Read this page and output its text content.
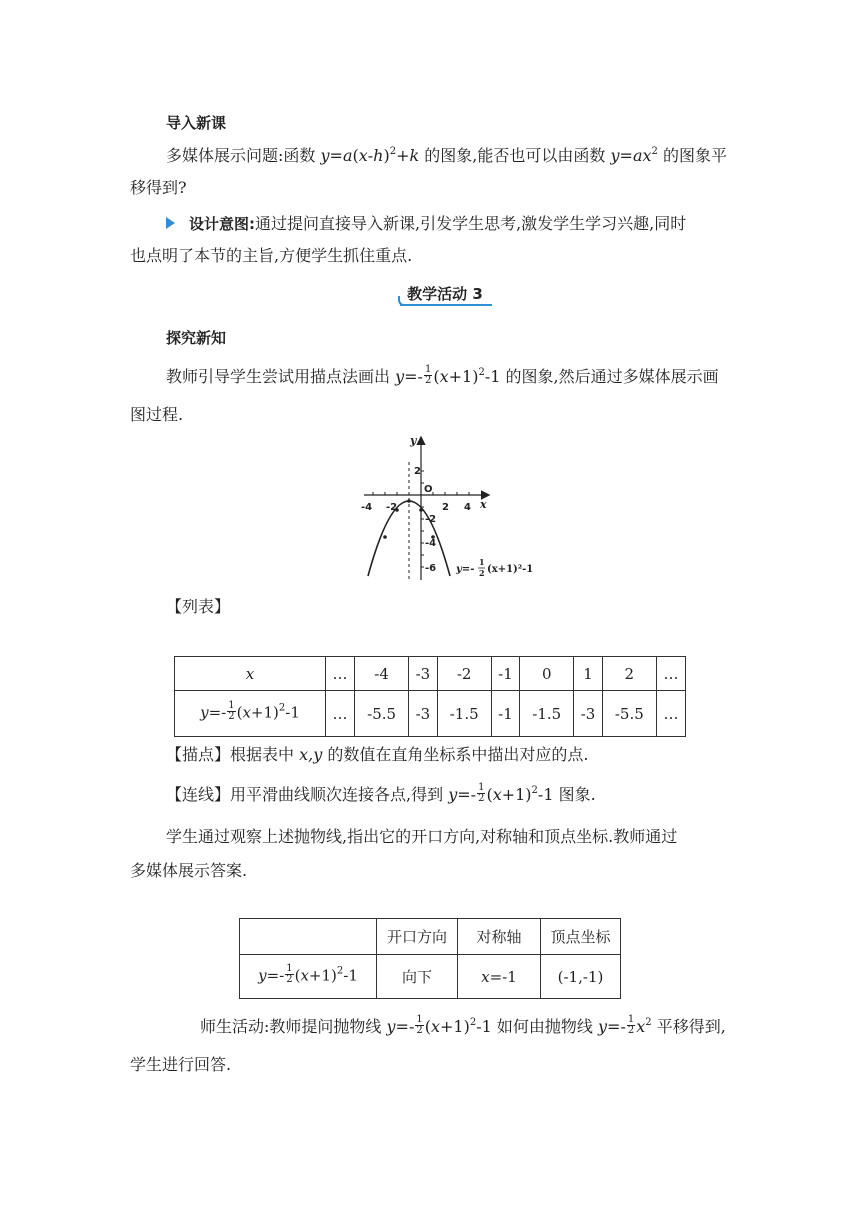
导入新课
多媒体展示问题:函数 $y=a(x-h)^2+k$ 的图象,能否也可以由函数 $y=ax^2$ 的图象平
移得到?
设计意图:通过提问直接导入新课,引发学生思考,激发学生学习兴趣,同时
也点明了本节的主旨,方便学生抓住重点.
教学活动 3
探究新知
教师引导学生尝试用描点法画出 $y=- \frac{1}{2} (x+1)^2-1$ 的图象,然后通过多媒体展示画
图过程.
-4 -2	2 4
2
-2
-4
-6
O
x
y
y=-
1
2 (x+1)²-1
【列表】
x	…	-4	-3	-2	-1	0	1	2	…
$y=- \frac{1}{2} (x+1)^2-1$	…	-5.5	-3	-1.5	-1	-1.5	-3	-5.5	…
【描点】根据表中 x,y 的数值在直角坐标系中描出对应的点.
【连线】用平滑曲线顺次连接各点,得到 $y=- \frac{1}{2} (x+1)^2-1$ 图象.
学生通过观察上述抛物线,指出它的开口方向,对称轴和顶点坐标.教师通过
多媒体展示答案.
	开口方向	对称轴	顶点坐标
$y=- \frac{1}{2} (x+1)^2-1$	向下	x=-1	(-1,-1)
师生活动:教师提问抛物线 $y=- \frac{1}{2} (x+1)^2-1$ 如何由抛物线 $y=- \frac{1}{2} x^2$ 平移得到,
学生进行回答.
